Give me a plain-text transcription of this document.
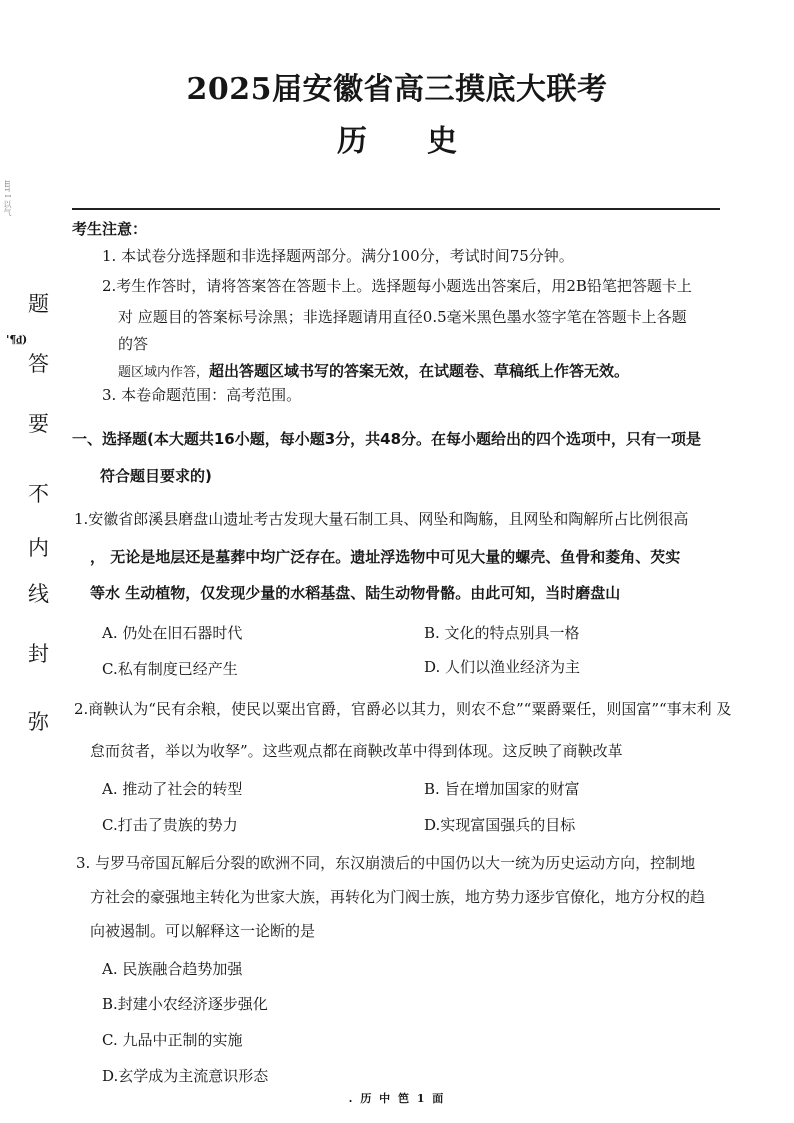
шт I 以气
'¶₫)
题
答
要
不
内
线
封
弥
2025届安徽省高三摸底大联考
历史
考生注意：
1. 本试卷分选择题和非选择题两部分。满分100分，考试时间75分钟。
2.考生作答时，请将答案答在答题卡上。选择题每小题选出答案后，用2B铅笔把答题卡上
对 应题目的答案标号涂黑；非选择题请用直径0.5毫米黑色墨水签字笔在答题卡上各题
的答
题区域内作答，超出答题区域书写的答案无效，在试题卷、草稿纸上作答无效。
3. 本卷命题范围：高考范围。
一、选择题(本大题共16小题，每小题3分，共48分。在每小题给出的四个选项中，只有一项是
符合题目要求的)
1.安徽省郎溪县磨盘山遗址考古发现大量石制工具、网坠和陶觞，且网坠和陶解所占比例很高
， 无论是地层还是墓葬中均广泛存在。遗址浮选物中可见大量的螺壳、鱼骨和菱角、芡实
等水 生动植物，仅发现少量的水稻基盘、陆生动物骨骼。由此可知，当时磨盘山
A. 仍处在旧石器时代	B. 文化的特点别具一格
C.私有制度已经产生	D. 人们以渔业经济为主
2.商鞅认为“民有余粮，使民以粟出官爵，官爵必以其力，则农不怠”“粟爵粟任，则国富”“事末利 及
怠而贫者，举以为收孥”。这些观点都在商鞅改革中得到体现。这反映了商鞅改革
A. 推动了社会的转型	B. 旨在增加国家的财富
C.打击了贵族的势力	D.实现富国强兵的目标
3. 与罗马帝国瓦解后分裂的欧洲不同，东汉崩溃后的中国仍以大一统为历史运动方向，控制地
方社会的豪强地主转化为世家大族，再转化为门阀士族，地方势力逐步官僚化，地方分权的趋
向被遏制。可以解释这一论断的是
A. 民族融合趋势加强
B.封建小农经济逐步强化
C. 九品中正制的实施
D.玄学成为主流意识形态
. 历 中 笆 1 面
